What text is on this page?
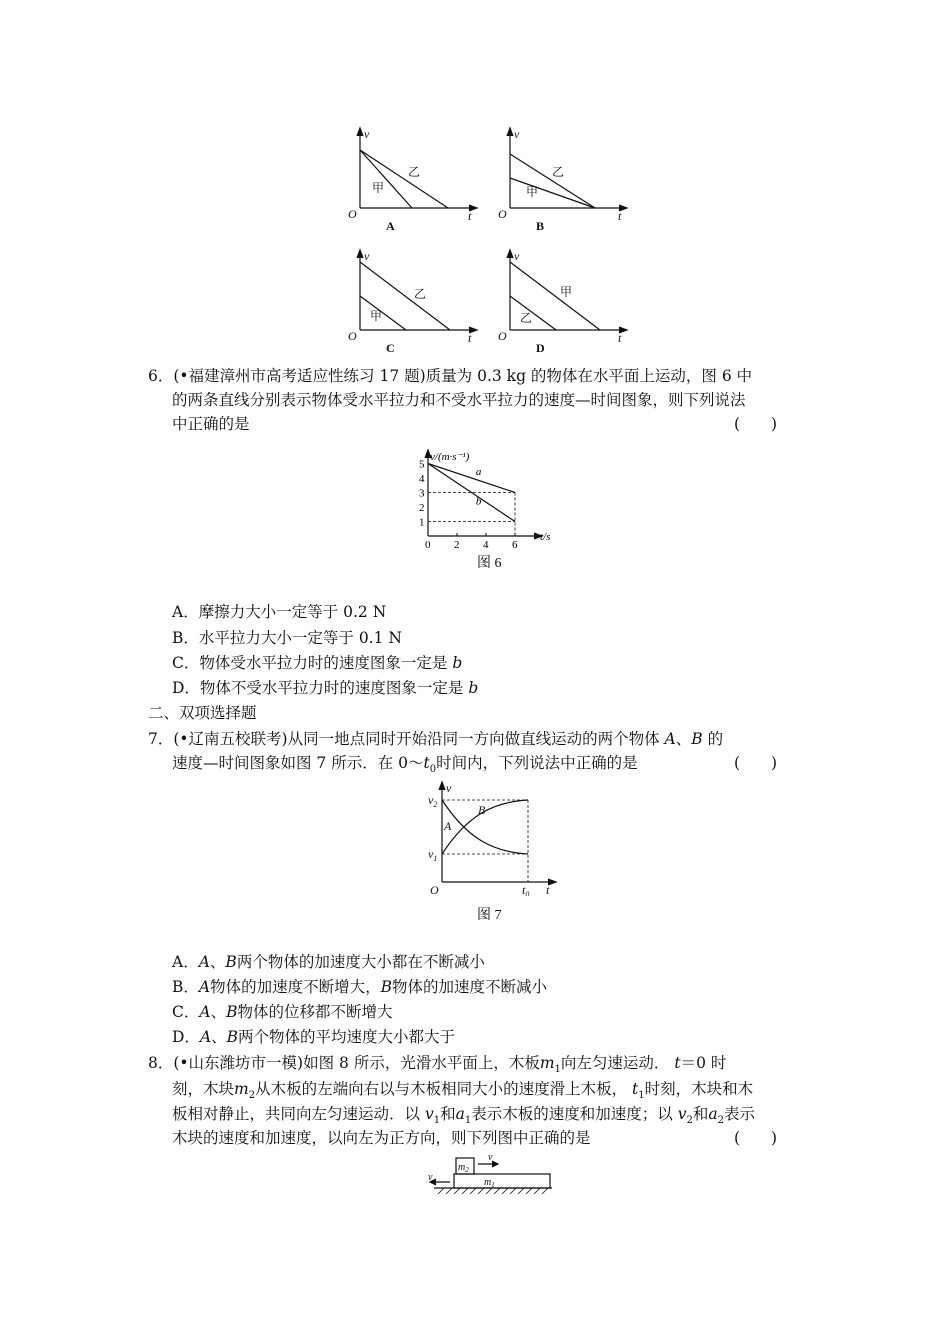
v
O	t
甲
乙
v
O	t
甲
乙
v
O	t
甲
乙
v
O	t
乙
甲
A	B
C	D
6．(•福建漳州市高考适应性练习 17 题)质量为 0.3 kg 的物体在水平面上运动，图 6 中
的两条直线分别表示物体受水平拉力和不受水平拉力的速度—时间图象，则下列说法
中正确的是	(　　)
1
2
3
4
5
0 2 4 6
a
b
v/(m·s⁻¹)
t/s
图 6
A．摩擦力大小一定等于 0.2 N
B．水平拉力大小一定等于 0.1 N
C．物体受水平拉力时的速度图象一定是 b
D．物体不受水平拉力时的速度图象一定是 b
二、双项选择题
7．(•辽南五校联考)从同一地点同时开始沿同一方向做直线运动的两个物体 A、B 的
速度—时间图象如图 7 所示．在 $0\sim t_0$时间内，下列说法中正确的是	(　　)
v
O	t
$v_2$
$v_1$
$t_0$
A
B
图 7
A．A、B两个物体的加速度大小都在不断减小
B．A物体的加速度不断增大，B物体的加速度不断减小
C．A、B物体的位移都不断增大
D．A、B两个物体的平均速度大小都大于
8．(•山东潍坊市一模)如图 8 所示，光滑水平面上，木板$m_1$向左匀速运动． t＝0 时
刻，木块$m_2$从木板的左端向右以与木板相同大小的速度滑上木板， $t_1$时刻，木块和木
板相对静止，共同向左匀速运动．以 $v_1$和$a_1$表示木板的速度和加速度；以 $v_2$和$a_2$表示
木块的速度和加速度，以向左为正方向，则下列图中正确的是	(　　)
$m_2$
$m_1$
v
v
